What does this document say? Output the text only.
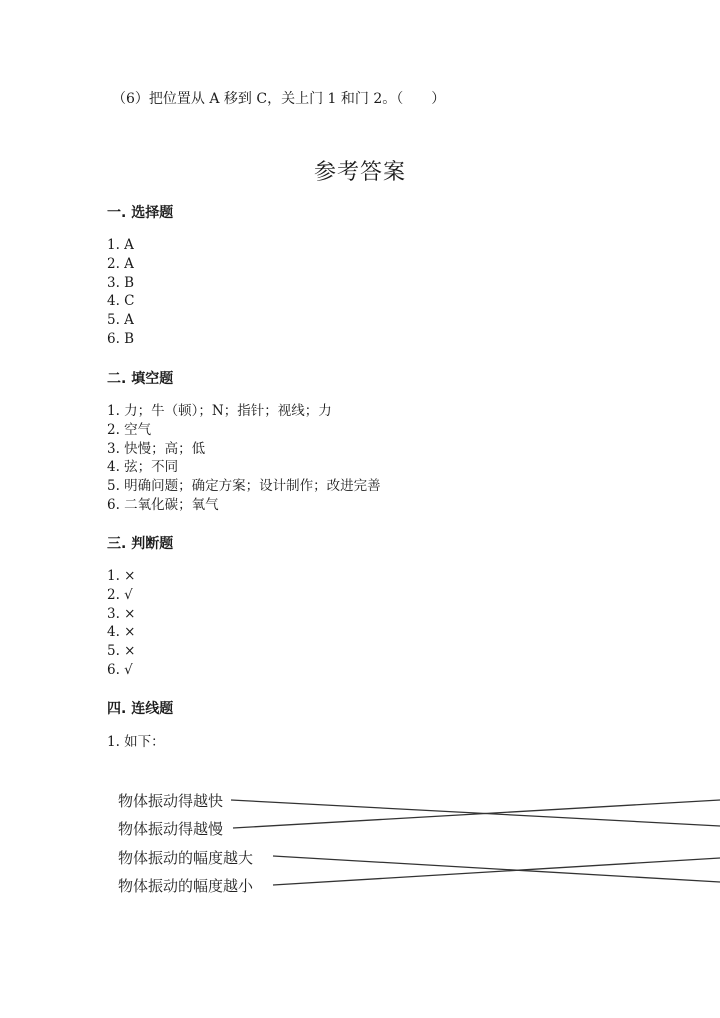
（6）把位置从 A 移到 C，关上门 1 和门 2。（　　）
参考答案
一. 选择题
1. A
2. A
3. B
4. C
5. A
6. B
二. 填空题
1. 力；牛（顿）；N；指针；视线；力
2. 空气
3. 快慢；高；低
4. 弦；不同
5. 明确问题；确定方案；设计制作；改进完善
6. 二氧化碳；氧气
三. 判断题
1. ×
2. √
3. ×
4. ×
5. ×
6. √
四. 连线题
1. 如下：
物体振动得越快
物体振动得越慢
物体振动的幅度越大
物体振动的幅度越小
